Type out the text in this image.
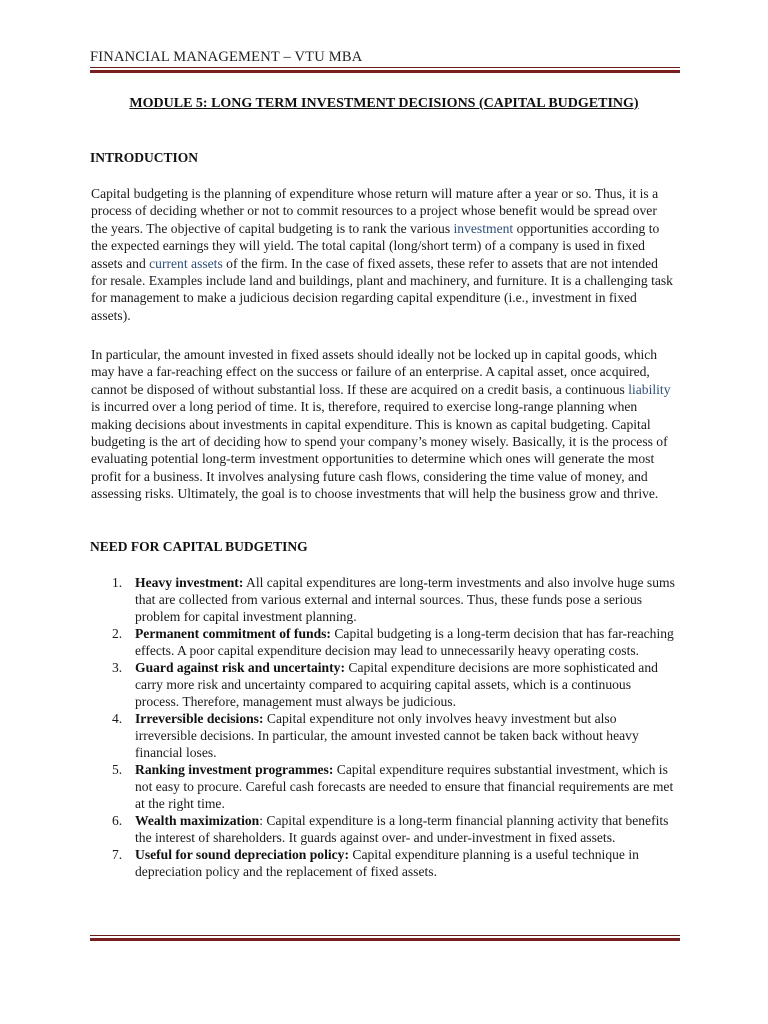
FINANCIAL MANAGEMENT – VTU MBA
MODULE 5: LONG TERM INVESTMENT DECISIONS (CAPITAL BUDGETING)
INTRODUCTION

Capital budgeting is the planning of expenditure whose return will mature after a year or so. Thus, it is a process of deciding whether or not to commit resources to a project whose benefit would be spread over the years. The objective of capital budgeting is to rank the various investment opportunities according to the expected earnings they will yield. The total capital (long/short term) of a company is used in fixed assets and current assets of the firm. In the case of fixed assets, these refer to assets that are not intended for resale. Examples include land and buildings, plant and machinery, and furniture. It is a challenging task for management to make a judicious decision regarding capital expenditure (i.e., investment in fixed assets).

In particular, the amount invested in fixed assets should ideally not be locked up in capital goods, which may have a far-reaching effect on the success or failure of an enterprise. A capital asset, once acquired, cannot be disposed of without substantial loss. If these are acquired on a credit basis, a continuous liability is incurred over a long period of time. It is, therefore, required to exercise long-range planning when making decisions about investments in capital expenditure. This is known as capital budgeting. Capital budgeting is the art of deciding how to spend your company’s money wisely. Basically, it is the process of evaluating potential long-term investment opportunities to determine which ones will generate the most profit for a business. It involves analysing future cash flows, considering the time value of money, and assessing risks. Ultimately, the goal is to choose investments that will help the business grow and thrive.

NEED FOR CAPITAL BUDGETING
1. Heavy investment: All capital expenditures are long-term investments and also involve huge sums that are collected from various external and internal sources. Thus, these funds pose a serious problem for capital investment planning.
2. Permanent commitment of funds: Capital budgeting is a long-term decision that has far-reaching effects. A poor capital expenditure decision may lead to unnecessarily heavy operating costs.
3. Guard against risk and uncertainty: Capital expenditure decisions are more sophisticated and carry more risk and uncertainty compared to acquiring capital assets, which is a continuous process. Therefore, management must always be judicious.
4. Irreversible decisions: Capital expenditure not only involves heavy investment but also irreversible decisions. In particular, the amount invested cannot be taken back without heavy financial loses.
5. Ranking investment programmes: Capital expenditure requires substantial investment, which is not easy to procure. Careful cash forecasts are needed to ensure that financial requirements are met at the right time.
6. Wealth maximization: Capital expenditure is a long-term financial planning activity that benefits the interest of shareholders. It guards against over- and under-investment in fixed assets.
7. Useful for sound depreciation policy: Capital expenditure planning is a useful technique in depreciation policy and the replacement of fixed assets.
